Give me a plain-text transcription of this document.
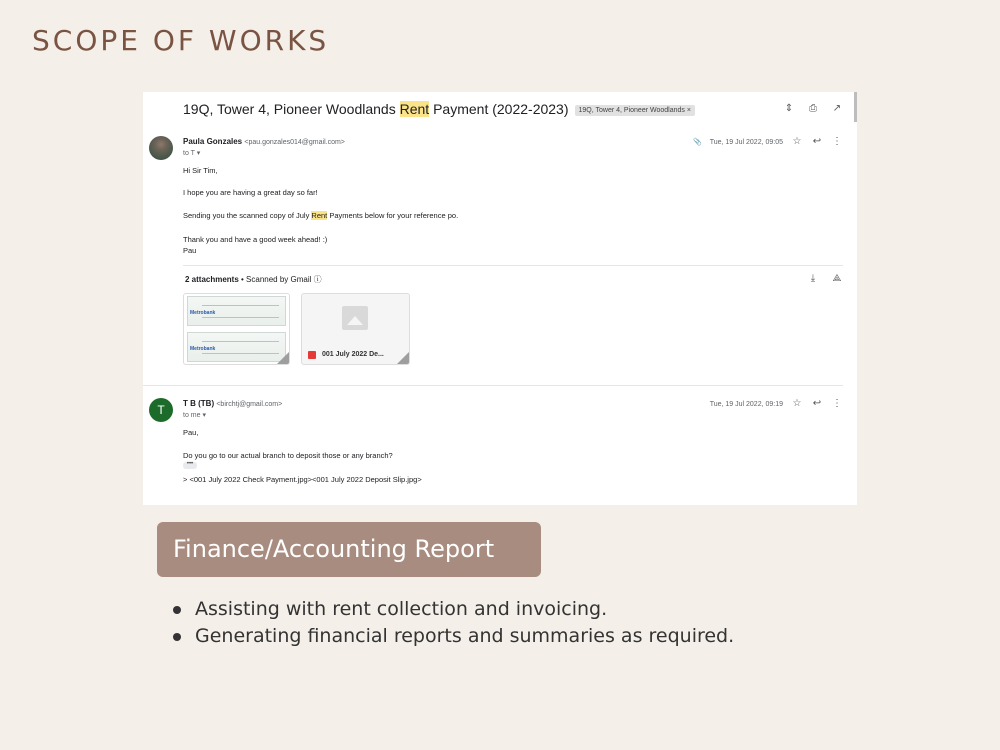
SCOPE OF WORKS
19Q, Tower 4, Pioneer Woodlands Rent Payment (2022-2023) 19Q, Tower 4, Pioneer Woodlands ×	⇕ ⎙ ↗
Paula Gonzales <pau.gonzales014@gmail.com>
to T ▾
📎 Tue, 19 Jul 2022, 09:05 ☆ ↩ ⋮
Hi Sir Tim,
I hope you are having a great day so far!
Sending you the scanned copy of July Rent Payments below for your reference po.
Thank you and have a good week ahead! :)
Pau
2 attachments • Scanned by Gmail ⓘ	⤓	⟁
Metrobank
Metrobank
001 July 2022 De...
T	T B (TB) <birchtj@gmail.com>
to me ▾
Tue, 19 Jul 2022, 09:19 ☆ ↩ ⋮
Pau,
Do you go to our actual branch to deposit those or any branch?
•••
> <001 July 2022 Check Payment.jpg><001 July 2022 Deposit Slip.jpg>
Finance/Accounting Report
Assisting with rent collection and invoicing.
Generating financial reports and summaries as required.
